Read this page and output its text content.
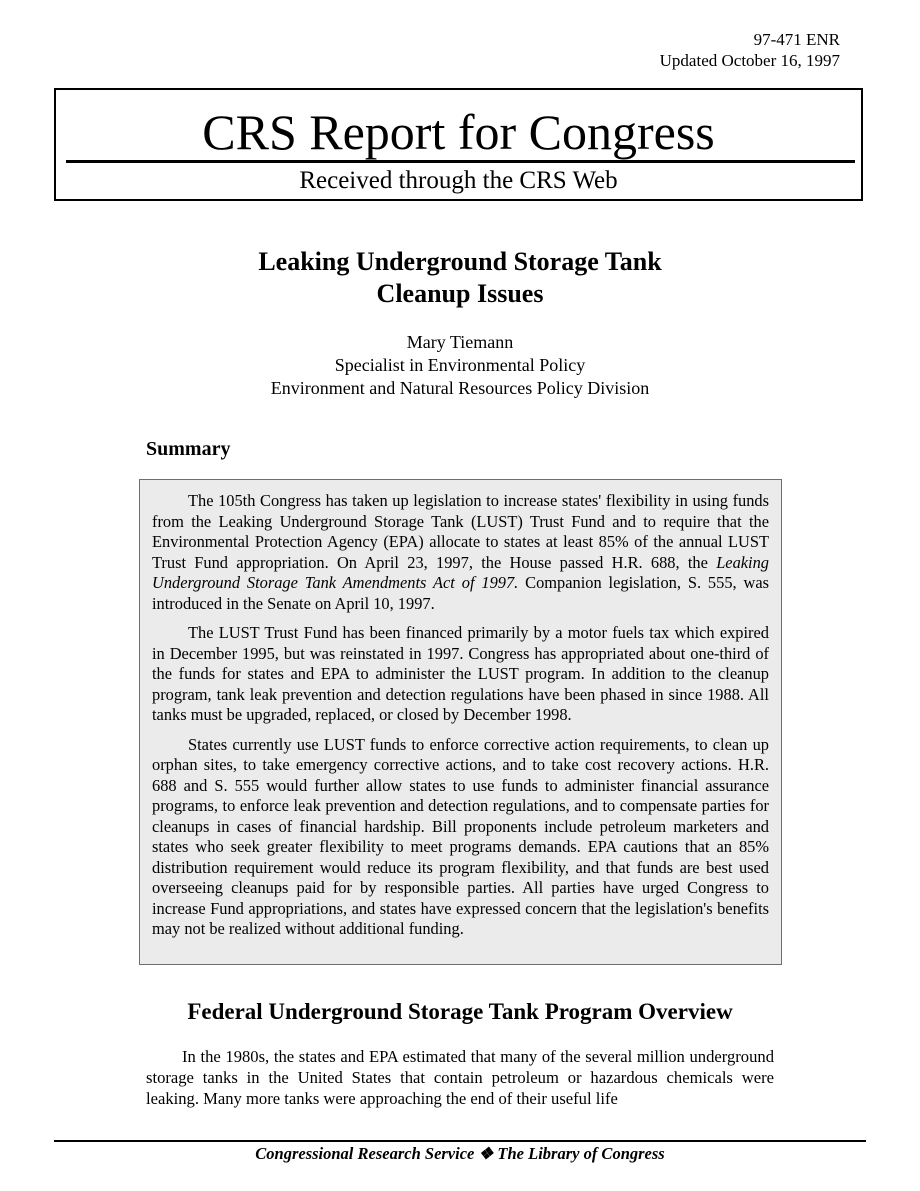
97-471 ENR
Updated October 16, 1997
CRS Report for Congress
Received through the CRS Web
Leaking Underground Storage Tank
Cleanup Issues
Mary Tiemann
Specialist in Environmental Policy
Environment and Natural Resources Policy Division
Summary

The 105th Congress has taken up legislation to increase states' flexibility in using funds from the Leaking Underground Storage Tank (LUST) Trust Fund and to require that the Environmental Protection Agency (EPA) allocate to states at least 85% of the annual LUST Trust Fund appropriation. On April 23, 1997, the House passed H.R. 688, the Leaking Underground Storage Tank Amendments Act of 1997. Companion legislation, S. 555, was introduced in the Senate on April 10, 1997.

The LUST Trust Fund has been financed primarily by a motor fuels tax which expired in December 1995, but was reinstated in 1997. Congress has appropriated about one-third of the funds for states and EPA to administer the LUST program. In addition to the cleanup program, tank leak prevention and detection regulations have been phased in since 1988. All tanks must be upgraded, replaced, or closed by December 1998.

States currently use LUST funds to enforce corrective action requirements, to clean up orphan sites, to take emergency corrective actions, and to take cost recovery actions. H.R. 688 and S. 555 would further allow states to use funds to administer financial assurance programs, to enforce leak prevention and detection regulations, and to compensate parties for cleanups in cases of financial hardship. Bill proponents include petroleum marketers and states who seek greater flexibility to meet programs demands. EPA cautions that an 85% distribution requirement would reduce its program flexibility, and that funds are best used overseeing cleanups paid for by responsible parties. All parties have urged Congress to increase Fund appropriations, and states have expressed concern that the legislation's benefits may not be realized without additional funding.

Federal Underground Storage Tank Program Overview

In the 1980s, the states and EPA estimated that many of the several million underground storage tanks in the United States that contain petroleum or hazardous chemicals were leaking. Many more tanks were approaching the end of their useful life

Congressional Research Service ❖ The Library of Congress
